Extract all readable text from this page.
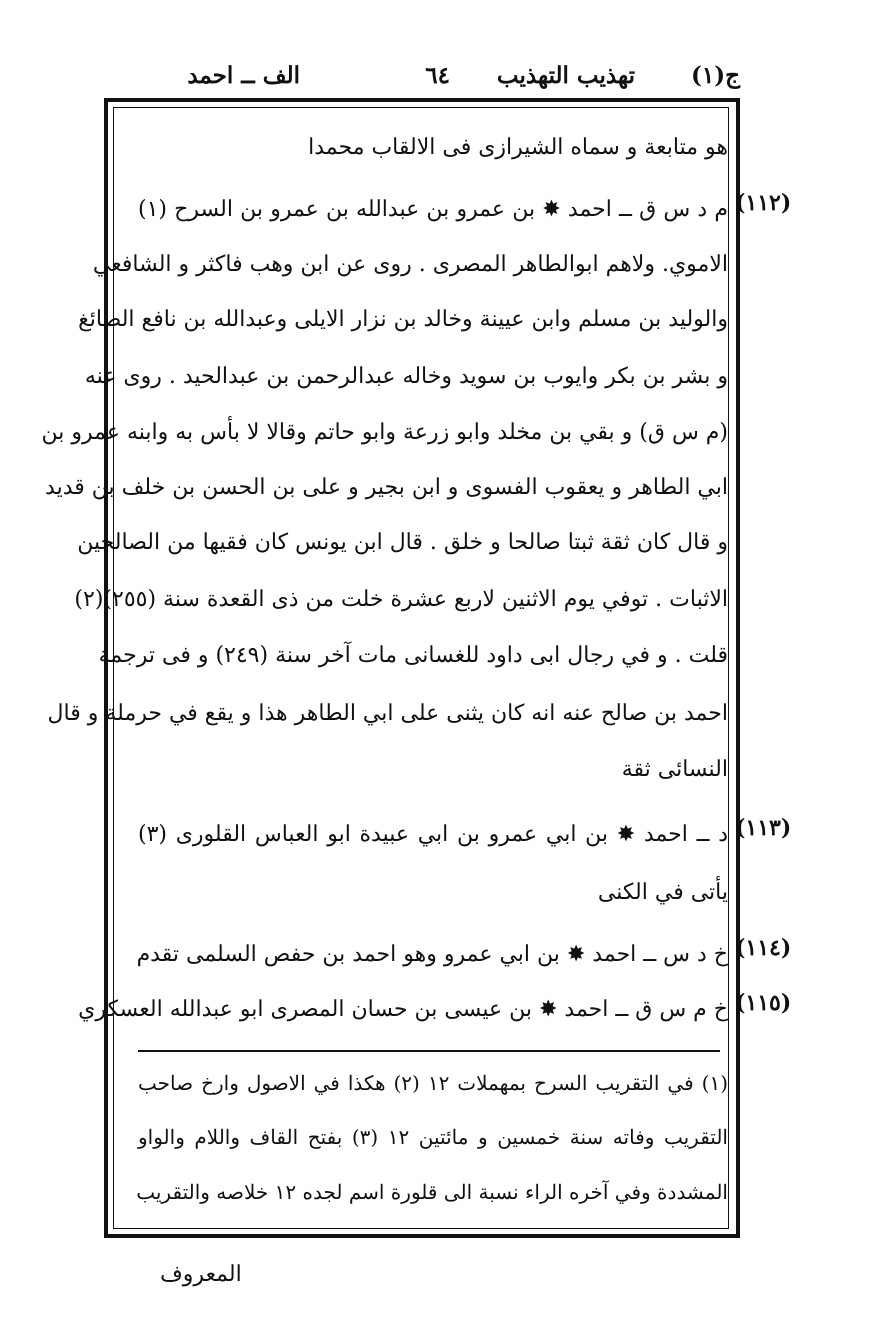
ج(١)
تهذيب التهذيب
٦٤
الف ــ احمد
هو متابعة و سماه الشيرازى فى الالقاب محمدا
م د س ق ــ احمد ✸ بن عمرو بن عبدالله بن عمرو بن السرح (١)
الاموي. ولاهم ابوالطاهر المصرى . روى عن ابن وهب فاكثر و الشافعي
والوليد بن مسلم وابن عيينة وخالد بن نزار الايلى وعبدالله بن نافع الصائغ
و بشر بن بكر وايوب بن سويد وخاله عبدالرحمن بن عبدالحيد . روى عنه
(م س ق) و بقي بن مخلد وابو زرعة وابو حاتم وقالا لا بأس به وابنه عمرو بن
ابي الطاهر و يعقوب الفسوى و ابن بجير و على بن الحسن بن خلف بن قديد
و قال كان ثقة ثبتا صالحا و خلق . قال ابن يونس كان فقيها من الصالحين
الاثبات . توفي يوم الاثنين لاربع عشرة خلت من ذى القعدة سنة (٢٥٥)(٢)
قلت . و في رجال ابى داود للغسانى مات آخر سنة (٢٤٩) و فى ترجمة
احمد بن صالح عنه انه كان يثنى على ابي الطاهر هذا و يقع في حرملة و قال
النسائى ثقة
د ــ احمد ✸ بن ابي عمرو بن ابي عبيدة ابو العباس القلورى (٣)
يأتى في الكنى
خ د س ــ احمد ✸ بن ابي عمرو وهو احمد بن حفص السلمى تقدم
خ م س ق ــ احمد ✸ بن عيسى بن حسان المصرى ابو عبدالله العسكري
(١١٢)
(١١٣)
(١١٤)
(١١٥)
(١) في التقريب السرح بمهملات ١٢ (٢) هكذا في الاصول وارخ صاحب
التقريب وفاته سنة خمسين و مائتين ١٢ (٣) بفتح القاف واللام والواو
المشددة وفي آخره الراء نسبة الى قلورة اسم لجده ١٢ خلاصه والتقريب
المعروف
